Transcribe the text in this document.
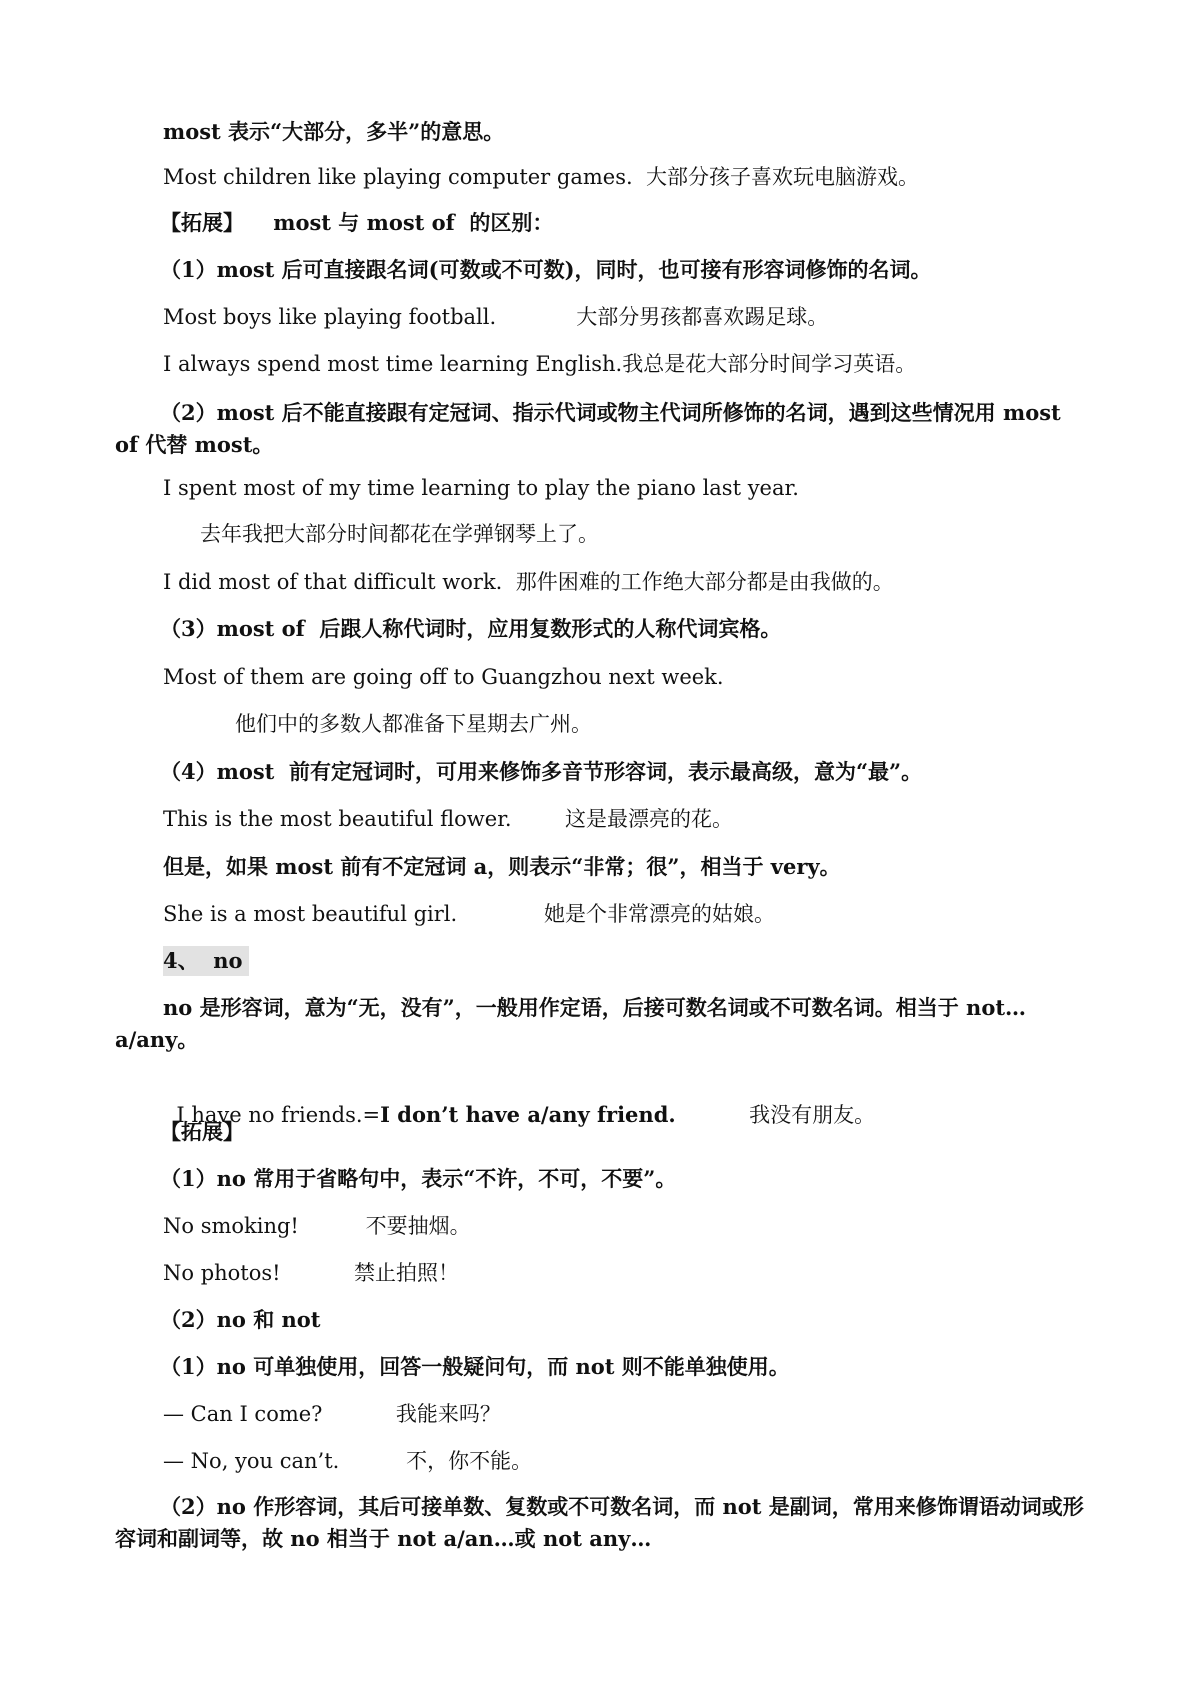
most 表示“大部分，多半”的意思。
Most children like playing computer games.  大部分孩子喜欢玩电脑游戏。
【拓展】    most 与 most of  的区别：
（1）most 后可直接跟名词(可数或不可数)，同时，也可接有形容词修饰的名词。
Most boys like playing football.            大部分男孩都喜欢踢足球。
I always spend most time learning English.我总是花大部分时间学习英语。
（2）most 后不能直接跟有定冠词、指示代词或物主代词所修饰的名词，遇到这些情况用 most of 代替 most。
I spent most of my time learning to play the piano last year.
去年我把大部分时间都花在学弹钢琴上了。
I did most of that difficult work.  那件困难的工作绝大部分都是由我做的。
（3）most of  后跟人称代词时，应用复数形式的人称代词宾格。
Most of them are going off to Guangzhou next week.
他们中的多数人都准备下星期去广州。
（4）most  前有定冠词时，可用来修饰多音节形容词，表示最高级，意为“最”。
This is the most beautiful flower.        这是最漂亮的花。
但是，如果 most 前有不定冠词 a，则表示“非常；很”，相当于 very。
She is a most beautiful girl.             她是个非常漂亮的姑娘。
4、  no
no 是形容词，意为“无，没有”，一般用作定语，后接可数名词或不可数名词。相当于 not…a/any。

I have no friends.=I don’t have a/any friend.           我没有朋友。

【拓展】
（1）no 常用于省略句中，表示“不许，不可，不要”。
No smoking!          不要抽烟。
No photos!           禁止拍照！
（2）no 和 not
（1）no 可单独使用，回答一般疑问句，而 not 则不能单独使用。
— Can I come?           我能来吗？
— No, you can’t.          不，你不能。
（2）no 作形容词，其后可接单数、复数或不可数名词，而 not 是副词，常用来修饰谓语动词或形容词和副词等，故 no 相当于 not a/an…或 not any…
